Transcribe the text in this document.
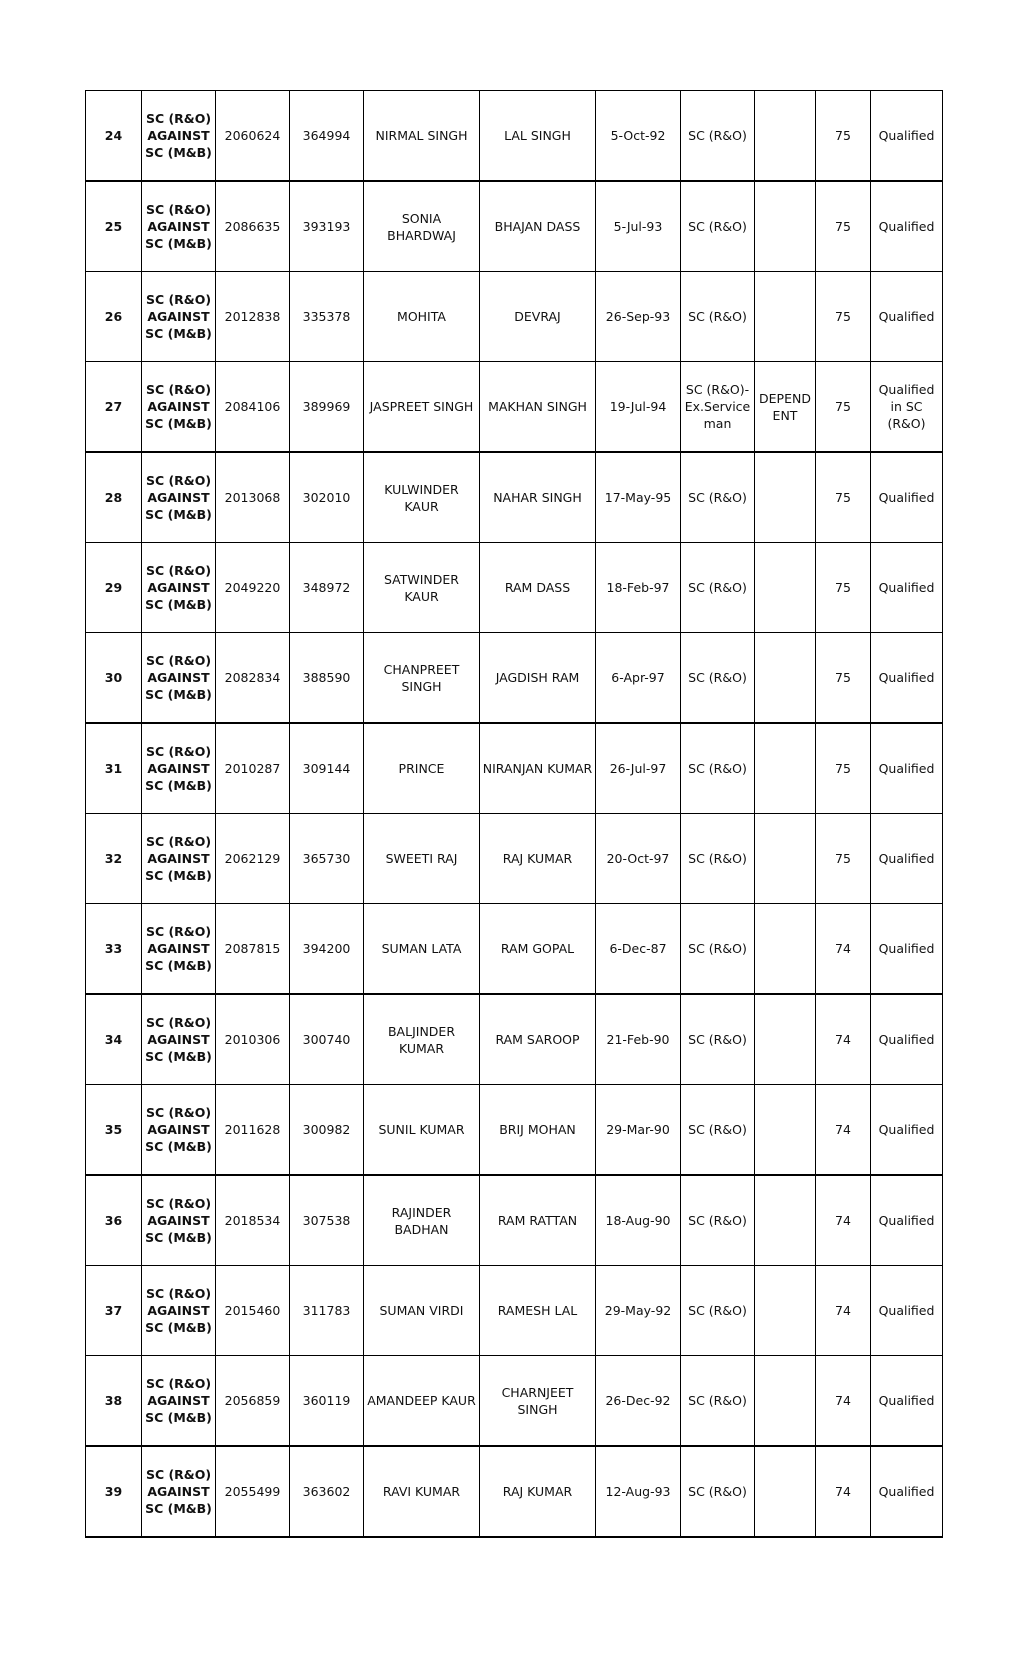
24	SC (R&O)
AGAINST
SC (M&B)	2060624	364994	NIRMAL SINGH	LAL SINGH	5-Oct-92	SC (R&O)		75	Qualified
25	SC (R&O)
AGAINST
SC (M&B)	2086635	393193	SONIA BHARDWAJ	BHAJAN DASS	5-Jul-93	SC (R&O)		75	Qualified
26	SC (R&O)
AGAINST
SC (M&B)	2012838	335378	MOHITA	DEVRAJ	26-Sep-93	SC (R&O)		75	Qualified
27	SC (R&O)
AGAINST
SC (M&B)	2084106	389969	JASPREET SINGH	MAKHAN SINGH	19-Jul-94	SC (R&O)-Ex.Service man	DEPEND ENT	75	Qualified in SC (R&O)
28	SC (R&O)
AGAINST
SC (M&B)	2013068	302010	KULWINDER KAUR	NAHAR SINGH	17-May-95	SC (R&O)		75	Qualified
29	SC (R&O)
AGAINST
SC (M&B)	2049220	348972	SATWINDER KAUR	RAM DASS	18-Feb-97	SC (R&O)		75	Qualified
30	SC (R&O)
AGAINST
SC (M&B)	2082834	388590	CHANPREET SINGH	JAGDISH RAM	6-Apr-97	SC (R&O)		75	Qualified
31	SC (R&O)
AGAINST
SC (M&B)	2010287	309144	PRINCE	NIRANJAN KUMAR	26-Jul-97	SC (R&O)		75	Qualified
32	SC (R&O)
AGAINST
SC (M&B)	2062129	365730	SWEETI RAJ	RAJ KUMAR	20-Oct-97	SC (R&O)		75	Qualified
33	SC (R&O)
AGAINST
SC (M&B)	2087815	394200	SUMAN LATA	RAM GOPAL	6-Dec-87	SC (R&O)		74	Qualified
34	SC (R&O)
AGAINST
SC (M&B)	2010306	300740	BALJINDER KUMAR	RAM SAROOP	21-Feb-90	SC (R&O)		74	Qualified
35	SC (R&O)
AGAINST
SC (M&B)	2011628	300982	SUNIL KUMAR	BRIJ MOHAN	29-Mar-90	SC (R&O)		74	Qualified
36	SC (R&O)
AGAINST
SC (M&B)	2018534	307538	RAJINDER BADHAN	RAM RATTAN	18-Aug-90	SC (R&O)		74	Qualified
37	SC (R&O)
AGAINST
SC (M&B)	2015460	311783	SUMAN VIRDI	RAMESH LAL	29-May-92	SC (R&O)		74	Qualified
38	SC (R&O)
AGAINST
SC (M&B)	2056859	360119	AMANDEEP KAUR	CHARNJEET SINGH	26-Dec-92	SC (R&O)		74	Qualified
39	SC (R&O)
AGAINST
SC (M&B)	2055499	363602	RAVI KUMAR	RAJ KUMAR	12-Aug-93	SC (R&O)		74	Qualified
